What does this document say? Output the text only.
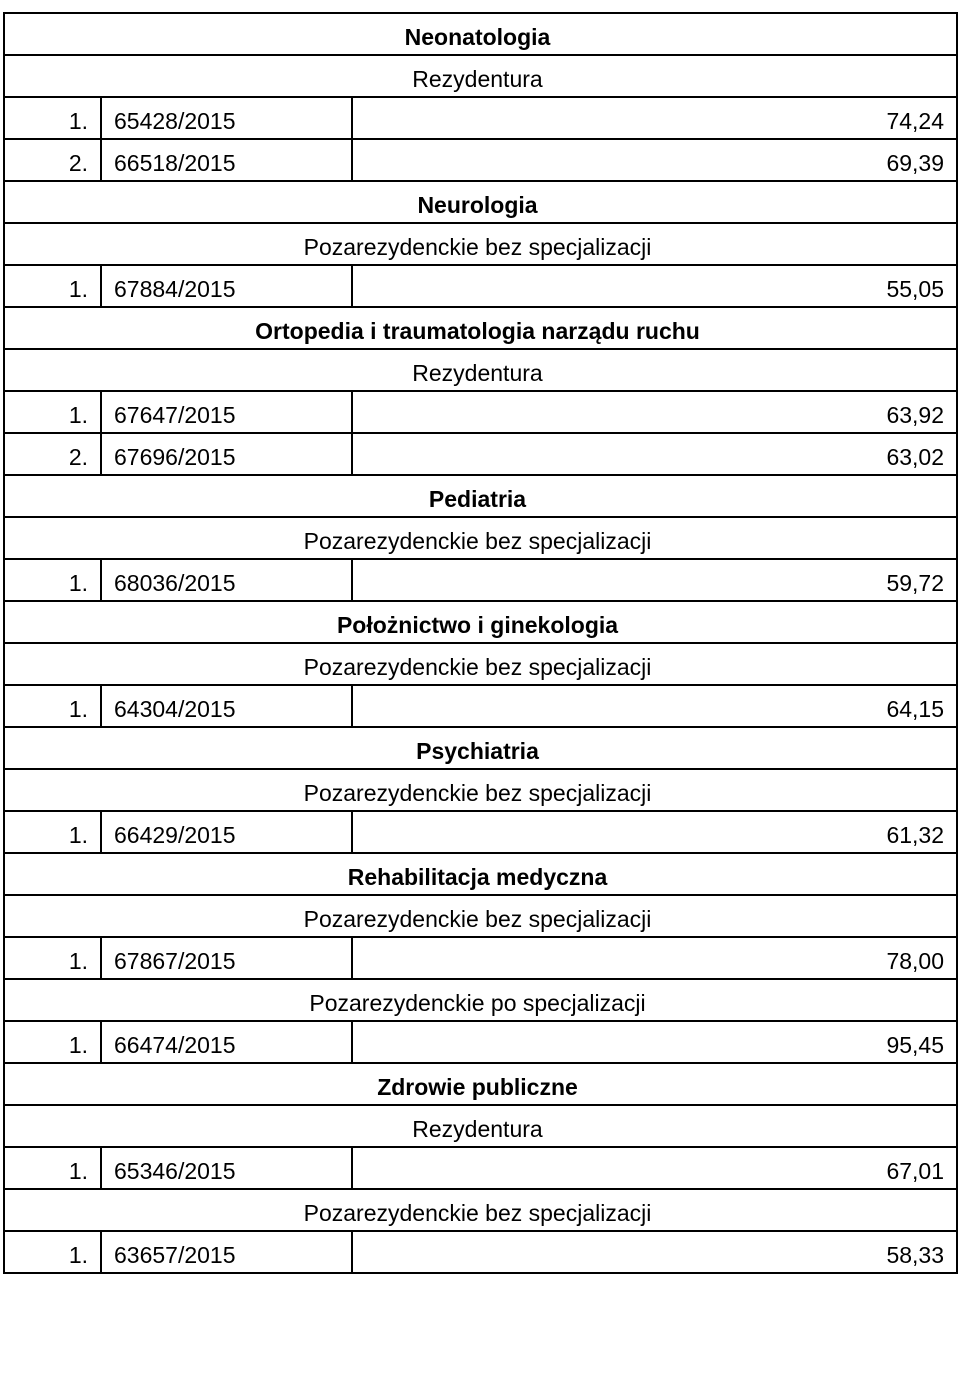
Neonatologia		
Rezydentura		
1.	65428/2015	74,24
2.	66518/2015	69,39
Neurologia		
Pozarezydenckie bez specjalizacji		
1.	67884/2015	55,05
Ortopedia i traumatologia narządu ruchu		
Rezydentura		
1.	67647/2015	63,92
2.	67696/2015	63,02
Pediatria		
Pozarezydenckie bez specjalizacji		
1.	68036/2015	59,72
Położnictwo i ginekologia		
Pozarezydenckie bez specjalizacji		
1.	64304/2015	64,15
Psychiatria		
Pozarezydenckie bez specjalizacji		
1.	66429/2015	61,32
Rehabilitacja medyczna		
Pozarezydenckie bez specjalizacji		
1.	67867/2015	78,00
Pozarezydenckie po specjalizacji		
1.	66474/2015	95,45
Zdrowie publiczne		
Rezydentura		
1.	65346/2015	67,01
Pozarezydenckie bez specjalizacji		
1.	63657/2015	58,33
